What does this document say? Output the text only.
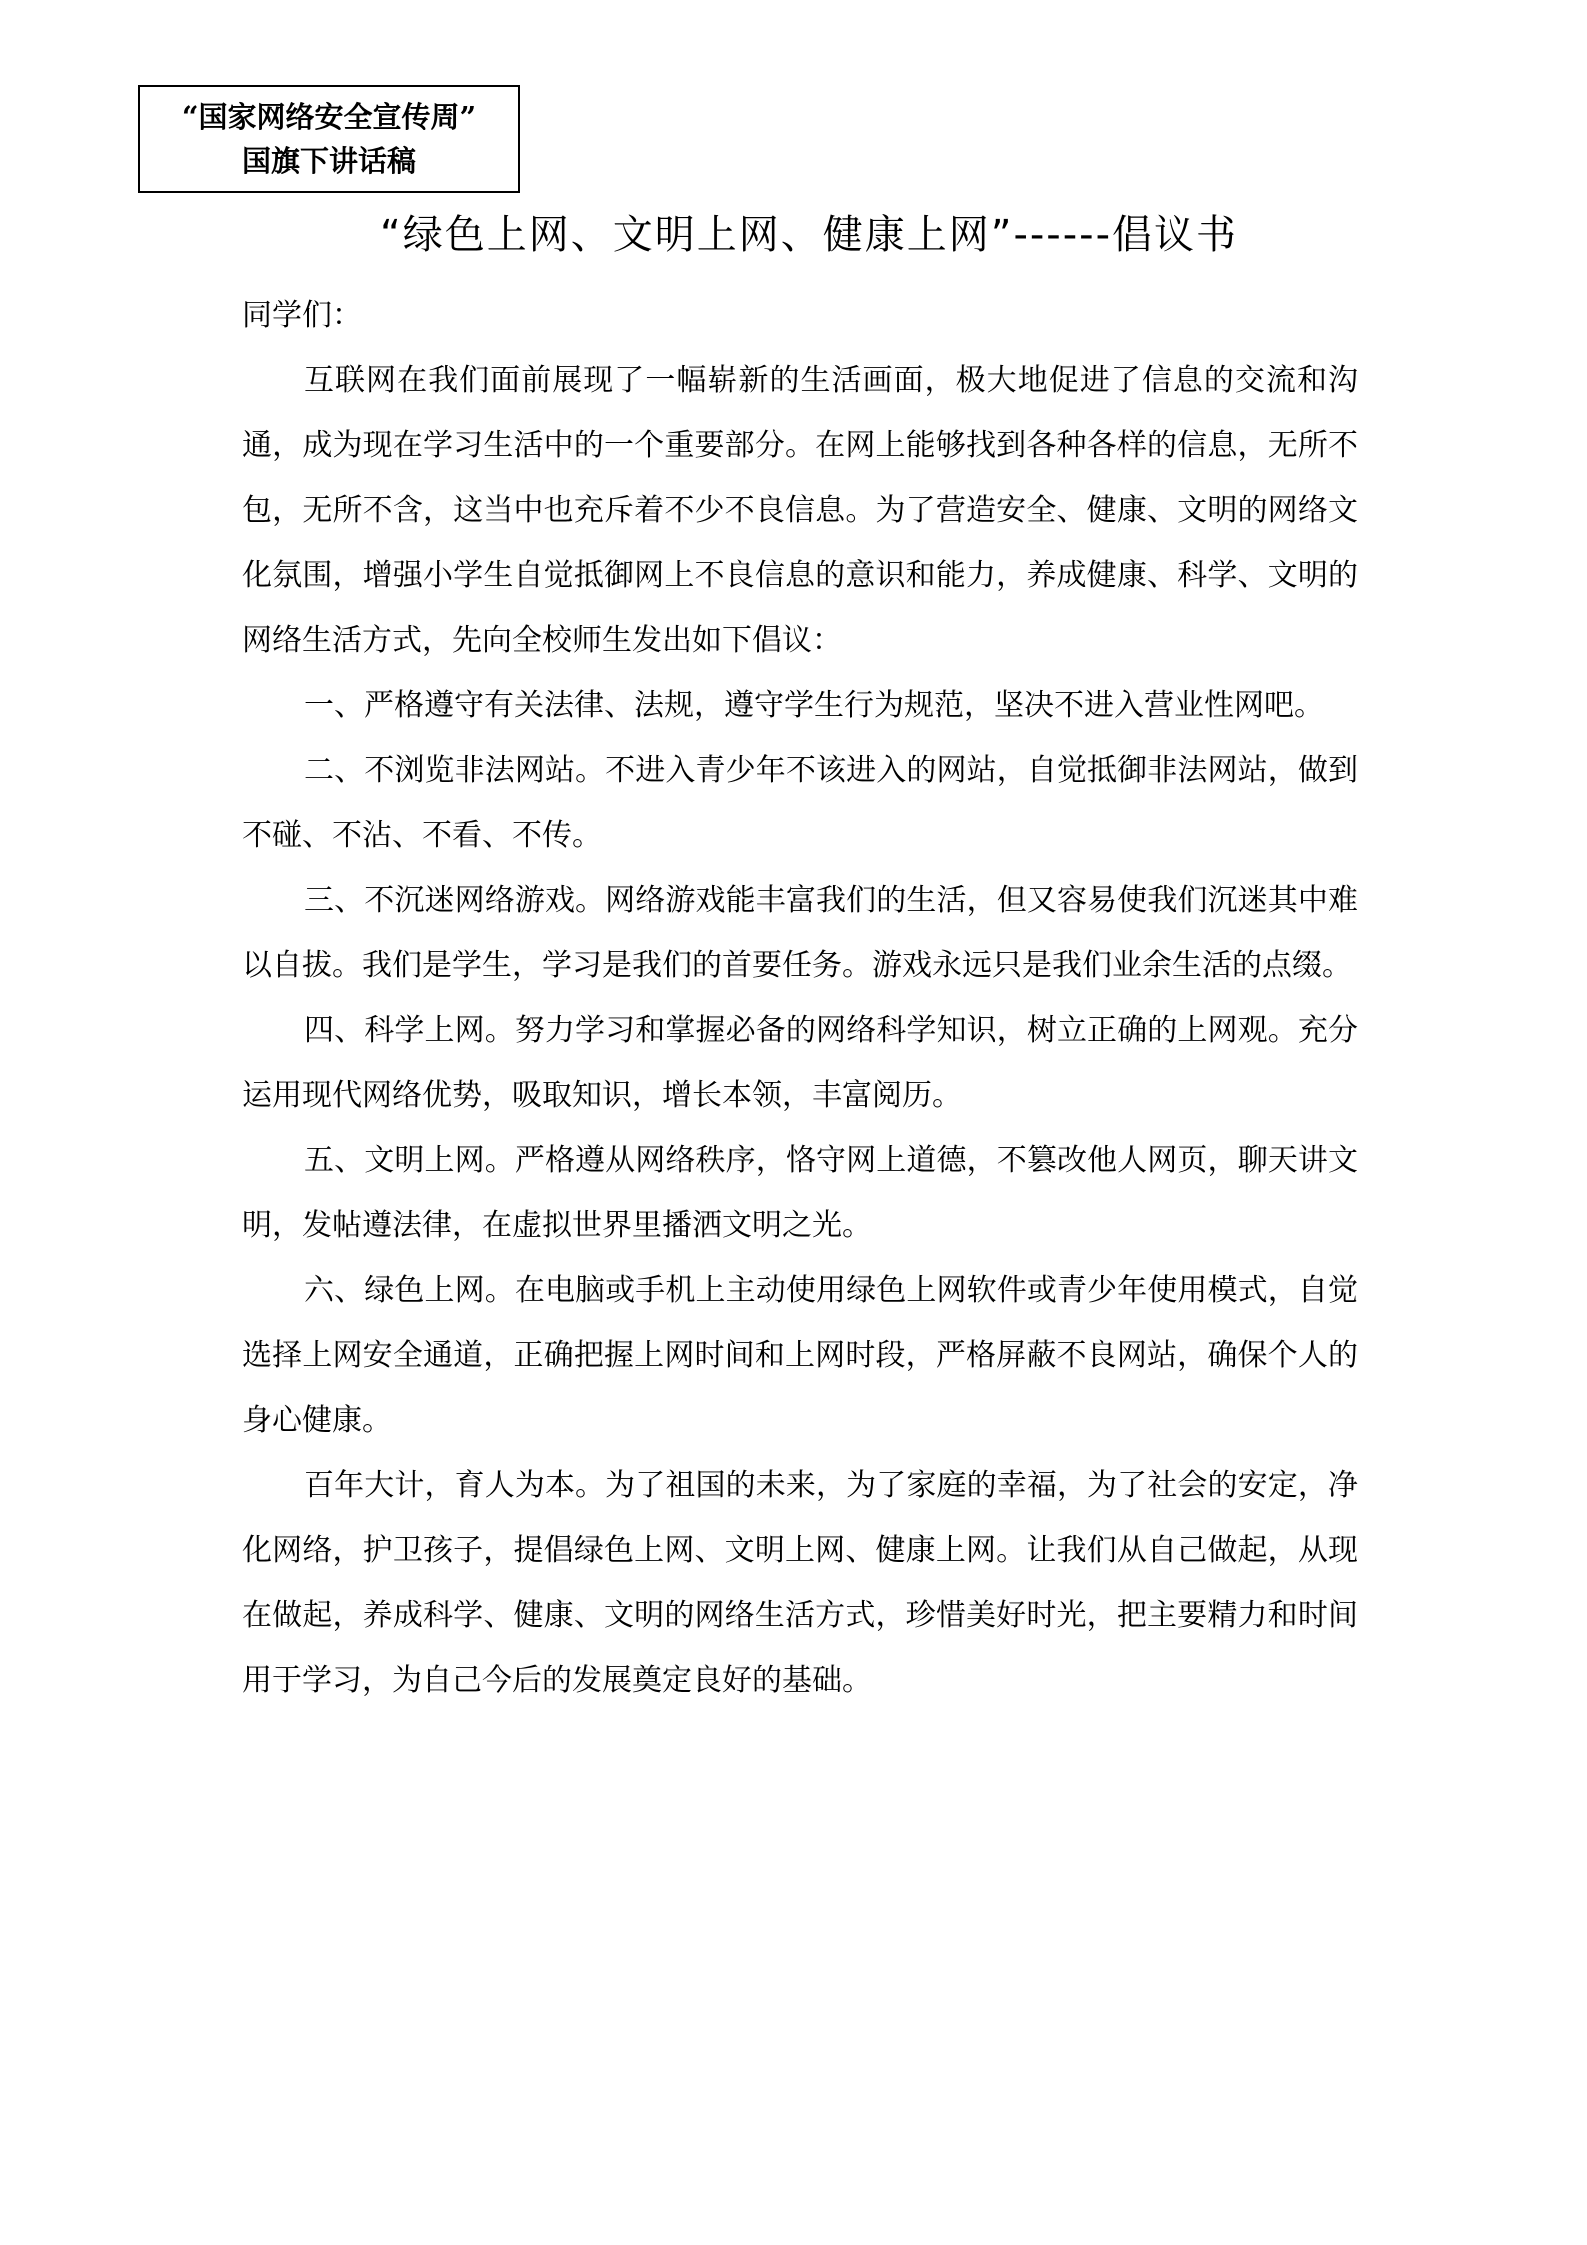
“国家网络安全宣传周”
国旗下讲话稿
“绿色上网、文明上网、健康上网”------倡议书

同学们：

互联网在我们面前展现了一幅崭新的生活画面，极大地促进了信息的交流和沟通，成为现在学习生活中的一个重要部分。在网上能够找到各种各样的信息，无所不包，无所不含，这当中也充斥着不少不良信息。为了营造安全、健康、文明的网络文化氛围，增强小学生自觉抵御网上不良信息的意识和能力，养成健康、科学、文明的网络生活方式，先向全校师生发出如下倡议：

一、严格遵守有关法律、法规，遵守学生行为规范，坚决不进入营业性网吧。

二、不浏览非法网站。不进入青少年不该进入的网站，自觉抵御非法网站，做到不碰、不沾、不看、不传。

三、不沉迷网络游戏。网络游戏能丰富我们的生活，但又容易使我们沉迷其中难以自拔。我们是学生，学习是我们的首要任务。游戏永远只是我们业余生活的点缀。

四、科学上网。努力学习和掌握必备的网络科学知识，树立正确的上网观。充分运用现代网络优势，吸取知识，增长本领，丰富阅历。

五、文明上网。严格遵从网络秩序，恪守网上道德，不篡改他人网页，聊天讲文明，发帖遵法律，在虚拟世界里播洒文明之光。

六、绿色上网。在电脑或手机上主动使用绿色上网软件或青少年使用模式，自觉选择上网安全通道，正确把握上网时间和上网时段，严格屏蔽不良网站，确保个人的身心健康。

百年大计，育人为本。为了祖国的未来，为了家庭的幸福，为了社会的安定，净化网络，护卫孩子，提倡绿色上网、文明上网、健康上网。让我们从自己做起，从现在做起，养成科学、健康、文明的网络生活方式，珍惜美好时光，把主要精力和时间用于学习，为自己今后的发展奠定良好的基础。
